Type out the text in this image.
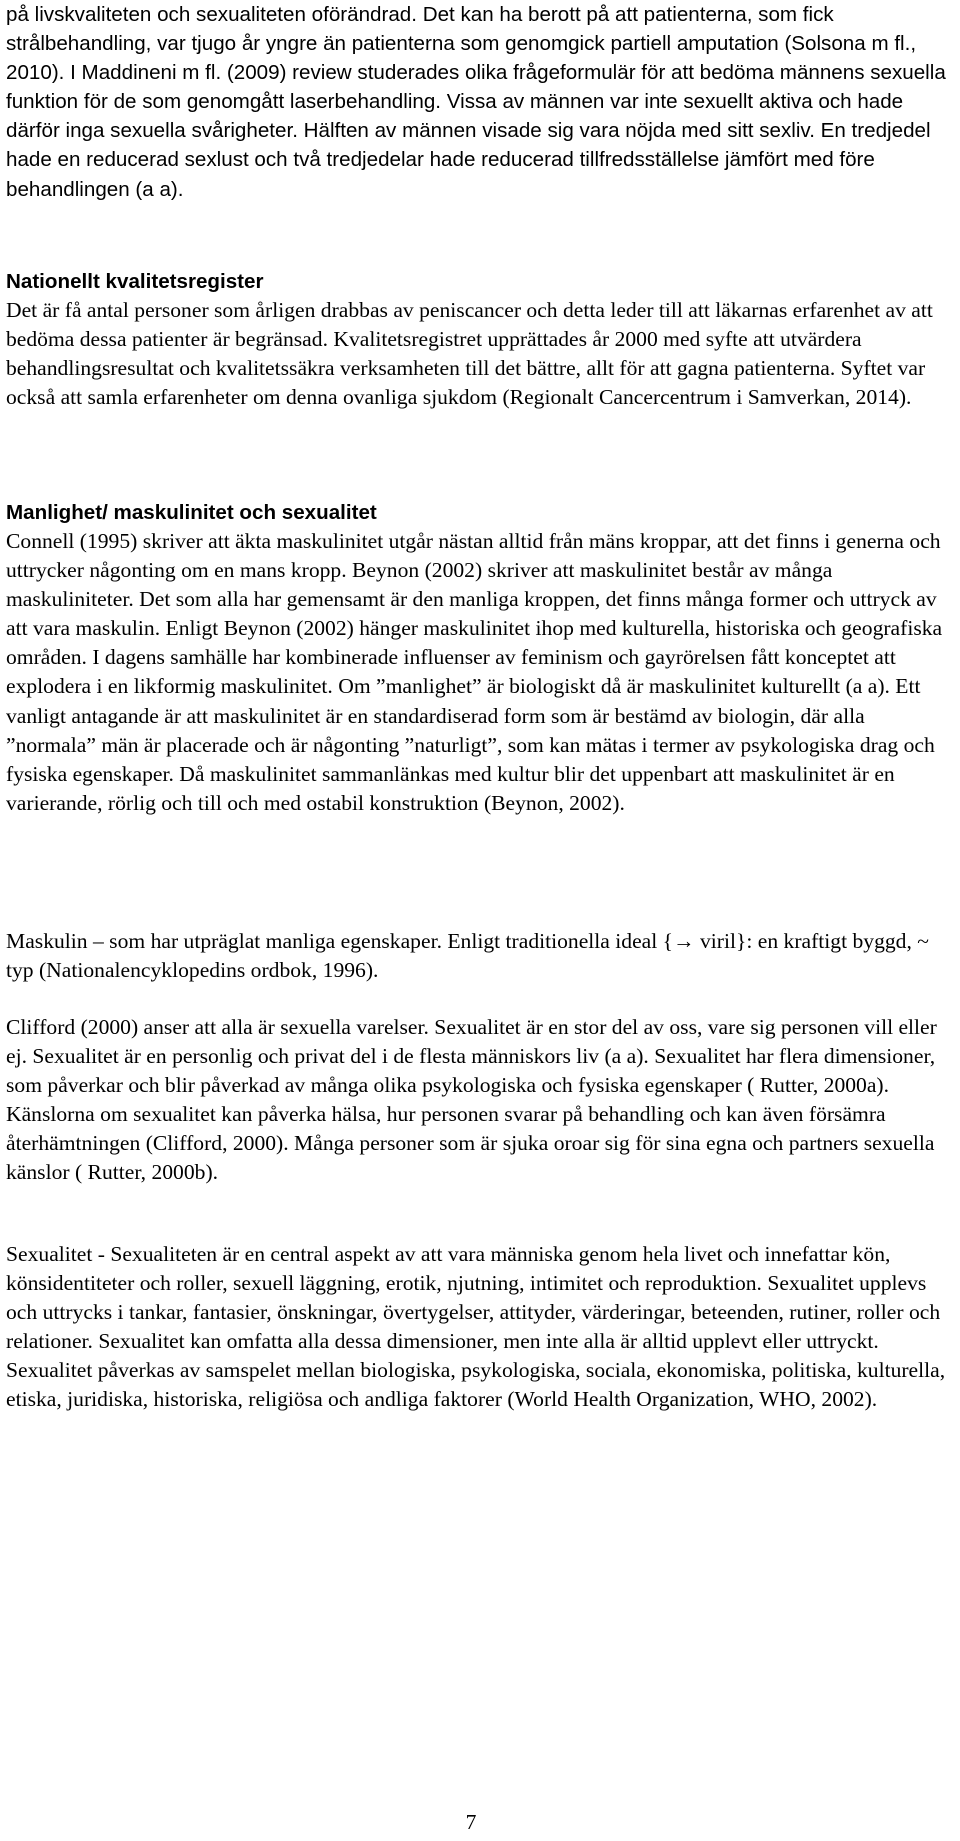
på livskvaliteten och sexualiteten oförändrad. Det kan ha berott på att patienterna, som fick strålbehandling, var tjugo år yngre än patienterna som genomgick partiell amputation (Solsona m fl., 2010). I Maddineni m fl. (2009) review studerades olika frågeformulär för att bedöma männens sexuella funktion för de som genomgått laserbehandling. Vissa av männen var inte sexuellt aktiva och hade därför inga sexuella svårigheter. Hälften av männen visade sig vara nöjda med sitt sexliv. En tredjedel hade en reducerad sexlust och två tredjedelar hade reducerad tillfredsställelse jämfört med före behandlingen (a a).

Nationellt kvalitetsregister

Det är få antal personer som årligen drabbas av peniscancer och detta leder till att läkarnas erfarenhet av att bedöma dessa patienter är begränsad. Kvalitetsregistret upprättades år 2000 med syfte att utvärdera behandlingsresultat och kvalitetssäkra verksamheten till det bättre, allt för att gagna patienterna. Syftet var också att samla erfarenheter om denna ovanliga sjukdom (Regionalt Cancercentrum i Samverkan, 2014).

Manlighet/ maskulinitet och sexualitet

Connell (1995) skriver att äkta maskulinitet utgår nästan alltid från mäns kroppar, att det finns i generna och uttrycker någonting om en mans kropp. Beynon (2002) skriver att maskulinitet består av många maskuliniteter. Det som alla har gemensamt är den manliga kroppen, det finns många former och uttryck av att vara maskulin. Enligt Beynon (2002) hänger maskulinitet ihop med kulturella, historiska och geografiska områden. I dagens samhälle har kombinerade influenser av feminism och gayrörelsen fått konceptet att explodera i en likformig maskulinitet. Om ”manlighet” är biologiskt då är maskulinitet kulturellt (a a). Ett vanligt antagande är att maskulinitet är en standardiserad form som är bestämd av biologin, där alla ”normala” män är placerade och är någonting ”naturligt”, som kan mätas i termer av psykologiska drag och fysiska egenskaper. Då maskulinitet sammanlänkas med kultur blir det uppenbart att maskulinitet är en varierande, rörlig och till och med ostabil konstruktion (Beynon, 2002).

Maskulin – som har utpräglat manliga egenskaper. Enligt traditionella ideal {→ viril}: en kraftigt byggd, ~ typ (Nationalencyklopedins ordbok, 1996).

Clifford (2000) anser att alla är sexuella varelser. Sexualitet är en stor del av oss, vare sig personen vill eller ej. Sexualitet är en personlig och privat del i de flesta människors liv (a a). Sexualitet har flera dimensioner, som påverkar och blir påverkad av många olika psykologiska och fysiska egenskaper ( Rutter, 2000a). Känslorna om sexualitet kan påverka hälsa, hur personen svarar på behandling och kan även försämra återhämtningen (Clifford, 2000). Många personer som är sjuka oroar sig för sina egna och partners sexuella känslor ( Rutter, 2000b).

Sexualitet - Sexualiteten är en central aspekt av att vara människa genom hela livet och innefattar kön, könsidentiteter och roller, sexuell läggning, erotik, njutning, intimitet och reproduktion. Sexualitet upplevs och uttrycks i tankar, fantasier, önskningar, övertygelser, attityder, värderingar, beteenden, rutiner, roller och relationer. Sexualitet kan omfatta alla dessa dimensioner, men inte alla är alltid upplevt eller uttryckt. Sexualitet påverkas av samspelet mellan biologiska, psykologiska, sociala, ekonomiska, politiska, kulturella, etiska, juridiska, historiska, religiösa och andliga faktorer (World Health Organization, WHO, 2002).

7
